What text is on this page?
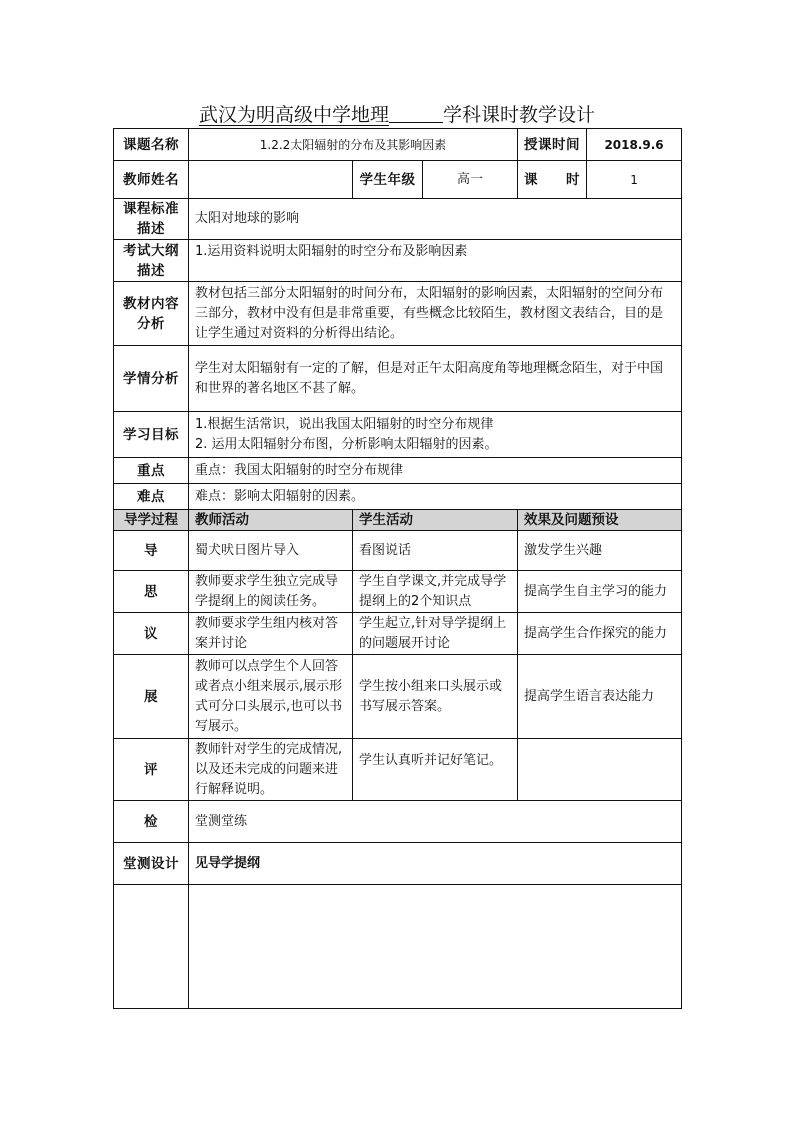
武汉为明高级中学地理	学科课时教学设计
课题名称	1.2.2太阳辐射的分布及其影响因素			授课时间	2018.9.6
教师姓名		学生年级	高一	课　　时	1
课程标准描述	太阳对地球的影响				
考试大纲描述	1.运用资料说明太阳辐射的时空分布及影响因素				
教材内容分析	教材包括三部分太阳辐射的时间分布，太阳辐射的影响因素，太阳辐射的空间分布三部分，教材中没有但是非常重要，有些概念比较陌生，教材图文表结合，目的是让学生通过对资料的分析得出结论。				
学情分析	学生对太阳辐射有一定的了解，但是对正午太阳高度角等地理概念陌生，对于中国和世界的著名地区不甚了解。				
学习目标	1.根据生活常识，说出我国太阳辐射的时空分布规律
2. 运用太阳辐射分布图，分析影响太阳辐射的因素。				

重点	重点：我国太阳辐射的时空分布规律				
难点	难点：影响太阳辐射的因素。				
导学过程	教师活动	学生活动		效果及问题预设	
导	蜀犬吠日图片导入	看图说话		激发学生兴趣	
思	教师要求学生独立完成导学提纲上的阅读任务。	学生自学课文,并完成导学提纲上的2个知识点		提高学生自主学习的能力	
议	教师要求学生组内核对答案并讨论	学生起立,针对导学提纲上的问题展开讨论		提高学生合作探究的能力	
展	教师可以点学生个人回答或者点小组来展示,展示形式可分口头展示,也可以书写展示。	学生按小组来口头展示或书写展示答案。		提高学生语言表达能力	
评	教师针对学生的完成情况,以及还未完成的问题来进行解释说明。	学生认真听并记好笔记。			
检	堂测堂练				
堂测设计	见导学提纲				
